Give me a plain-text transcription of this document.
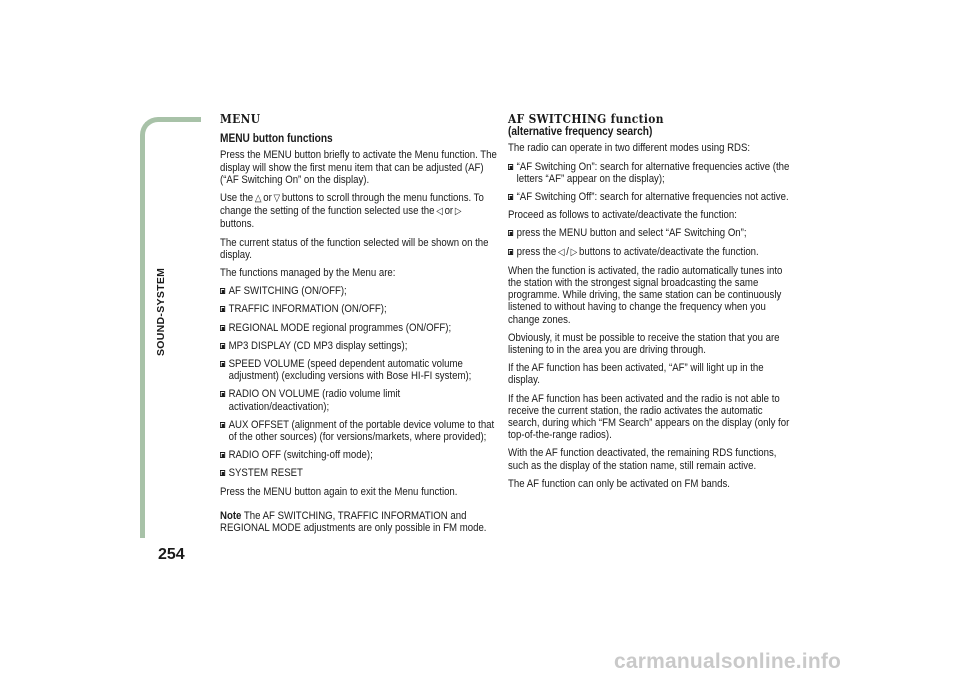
SOUND-SYSTEM
254
MENU
MENU button functions

Press the MENU button briefly to activate the Menu function. The display will show the first menu item that can be adjusted (AF) (“AF Switching On” on the display).

Use the △ or ▽ buttons to scroll through the menu functions. To change the setting of the function selected use the ◁ or ▷buttons.

The current status of the function selected will be shown on the display.

The functions managed by the Menu are:

AF SWITCHING (ON/OFF);
TRAFFIC INFORMATION (ON/OFF);
REGIONAL MODE regional programmes (ON/OFF);
MP3 DISPLAY (CD MP3 display settings);
SPEED VOLUME (speed dependent automatic volume adjustment) (excluding versions with Bose HI-FI system);
RADIO ON VOLUME (radio volume limit activation/deactivation);
AUX OFFSET (alignment of the portable device volume to that of the other sources) (for versions/markets, where provided);
RADIO OFF (switching-off mode);
SYSTEM RESET

Press the MENU button again to exit the Menu function.

Note The AF SWITCHING, TRAFFIC INFORMATION and REGIONAL MODE adjustments are only possible in FM mode.

AF SWITCHING function
(alternative frequency search)

The radio can operate in two different modes using RDS:

“AF Switching On”: search for alternative frequencies active (the letters “AF” appear on the display);
“AF Switching Off”: search for alternative frequencies not active.

Proceed as follows to activate/deactivate the function:

press the MENU button and select “AF Switching On”;
press the ◁ / ▷ buttons to activate/deactivate the function.

When the function is activated, the radio automatically tunes into the station with the strongest signal broadcasting the same programme. While driving, the same station can be continuously listened to without having to change the frequency when you change zones.

Obviously, it must be possible to receive the station that you are listening to in the area you are driving through.

If the AF function has been activated, “AF” will light up in the display.

If the AF function has been activated and the radio is not able to receive the current station, the radio activates the automatic search, during which “FM Search” appears on the display (only for top-of-the-range radios).

With the AF function deactivated, the remaining RDS functions, such as the display of the station name, still remain active.

The AF function can only be activated on FM bands.

carmanualsonline.info
